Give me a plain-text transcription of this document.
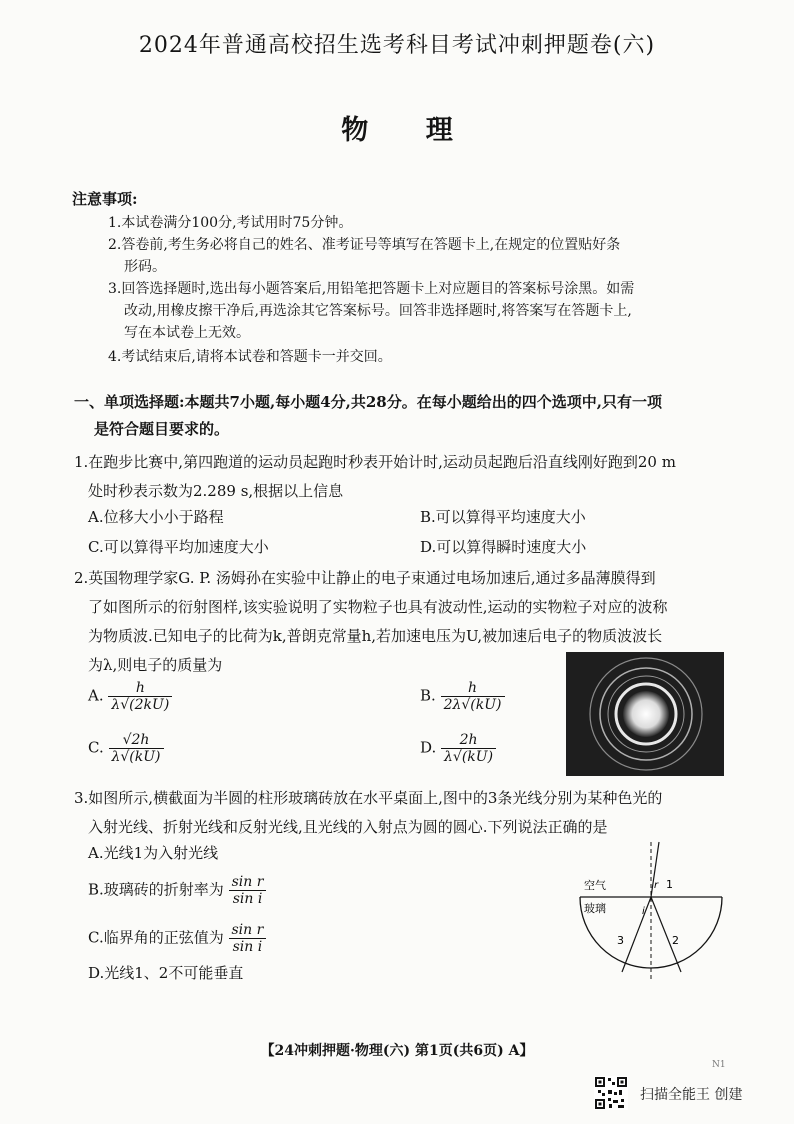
2024年普通高校招生选考科目考试冲刺押题卷(六)
物 理
注意事项:
1.本试卷满分100分,考试用时75分钟。
2.答卷前,考生务必将自己的姓名、准考证号等填写在答题卡上,在规定的位置贴好条
形码。
3.回答选择题时,选出每小题答案后,用铅笔把答题卡上对应题目的答案标号涂黑。如需
改动,用橡皮擦干净后,再选涂其它答案标号。回答非选择题时,将答案写在答题卡上,
写在本试卷上无效。
4.考试结束后,请将本试卷和答题卡一并交回。
一、单项选择题:本题共7小题,每小题4分,共28分。在每小题给出的四个选项中,只有一项
是符合题目要求的。
1.在跑步比赛中,第四跑道的运动员起跑时秒表开始计时,运动员起跑后沿直线刚好跑到20 m
处时秒表示数为2.289 s,根据以上信息
A.位移大小小于路程	B.可以算得平均速度大小
C.可以算得平均加速度大小	D.可以算得瞬时速度大小
2.英国物理学家G. P. 汤姆孙在实验中让静止的电子束通过电场加速后,通过多晶薄膜得到
了如图所示的衍射图样,该实验说明了实物粒子也具有波动性,运动的实物粒子对应的波称
为物质波.已知电子的比荷为k,普朗克常量h,若加速电压为U,被加速后电子的物质波波长
为λ,则电子的质量为
A. $\frac{h}{\lambda√(2kU)}$	B. $\frac{h}{2\lambda√(kU)}$
C. $\frac{√2h}{\lambda√(kU)}$	D. $\frac{2h}{\lambda√(kU)}$
3.如图所示,横截面为半圆的柱形玻璃砖放在水平桌面上,图中的3条光线分别为某种色光的
入射光线、折射光线和反射光线,且光线的入射点为圆的圆心.下列说法正确的是
A.光线1为入射光线
B.玻璃砖的折射率为 $\frac{\text{sin r}}{\text{sin i}}$
C.临界角的正弦值为 $\frac{\text{sin r}}{\text{sin i}}$
D.光线1、2不可能垂直
空气
玻璃
r
i
1
2
3
【24冲刺押题·物理(六) 第1页(共6页) A】
N1
扫描全能王 创建
